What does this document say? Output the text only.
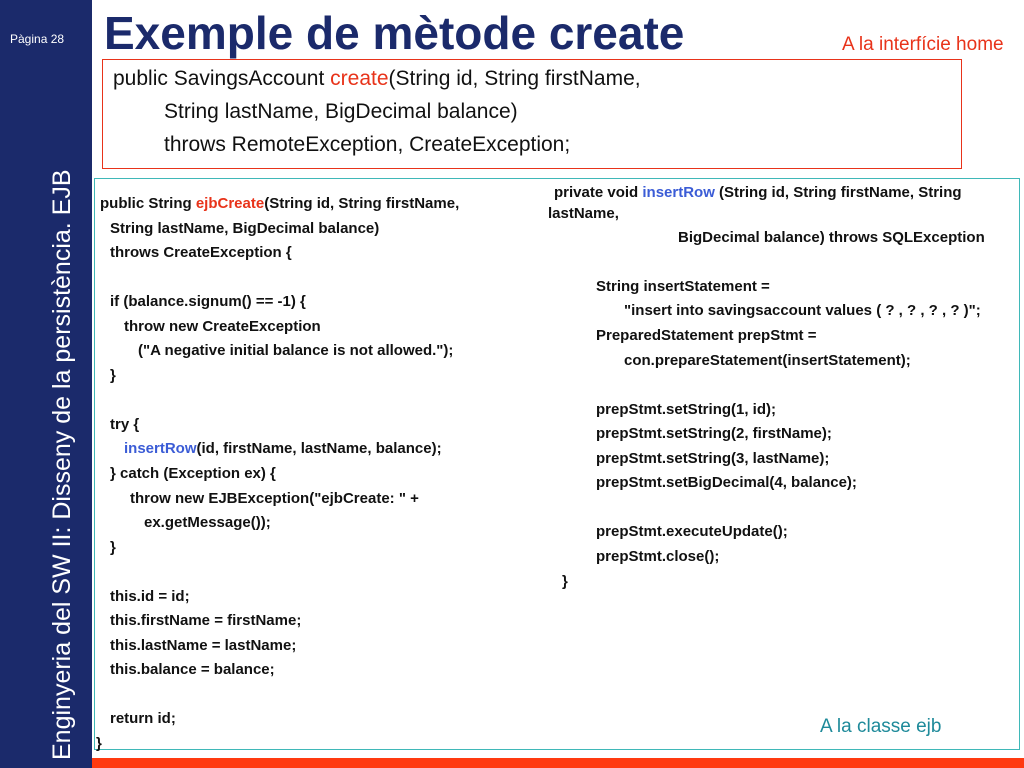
Pàgina 28
Enginyeria del SW II: Disseny de la persistència. EJB
Exemple de mètode create	A la interfície home
A la classe ejb
public SavingsAccount create(String id, String firstName,
String lastName, BigDecimal balance)
throws RemoteException, CreateException;
public String ejbCreate(String id, String firstName,
String lastName, BigDecimal balance)
throws CreateException {
if (balance.signum() == -1) {
throw new CreateException
("A negative initial balance is not allowed.");
}
try {
insertRow(id, firstName, lastName, balance);
} catch (Exception ex) {
throw new EJBException("ejbCreate: " +
ex.getMessage());
}
this.id = id;
this.firstName = firstName;
this.lastName = lastName;
this.balance = balance;
return id;
}
private void insertRow (String id, String firstName, String
lastName,
BigDecimal balance) throws SQLException
String insertStatement =
"insert into savingsaccount values ( ? , ? , ? , ? )";
PreparedStatement prepStmt =
con.prepareStatement(insertStatement);
prepStmt.setString(1, id);
prepStmt.setString(2, firstName);
prepStmt.setString(3, lastName);
prepStmt.setBigDecimal(4, balance);
prepStmt.executeUpdate();
prepStmt.close();
}
